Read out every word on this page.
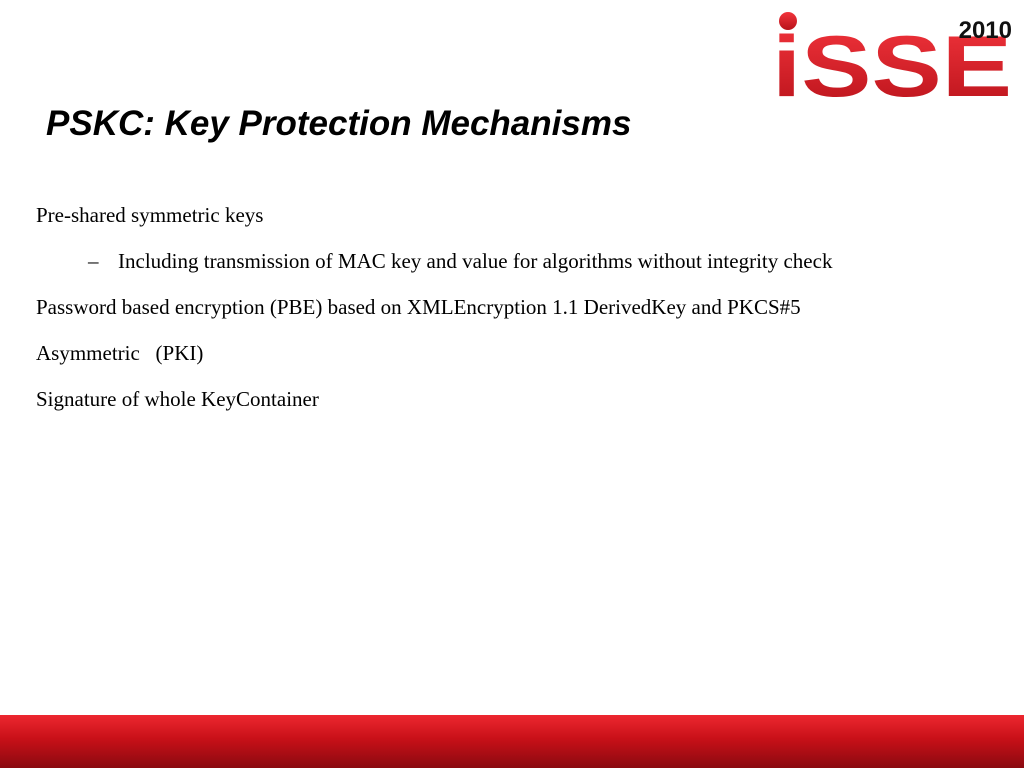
iSSE
2010
PSKC: Key Protection Mechanisms

Pre-shared symmetric keys

– Including transmission of MAC key and value for algorithms without integrity check

Password based encryption (PBE) based on XMLEncryption 1.1 DerivedKey and PKCS#5

Asymmetric   (PKI)

Signature of whole KeyContainer
